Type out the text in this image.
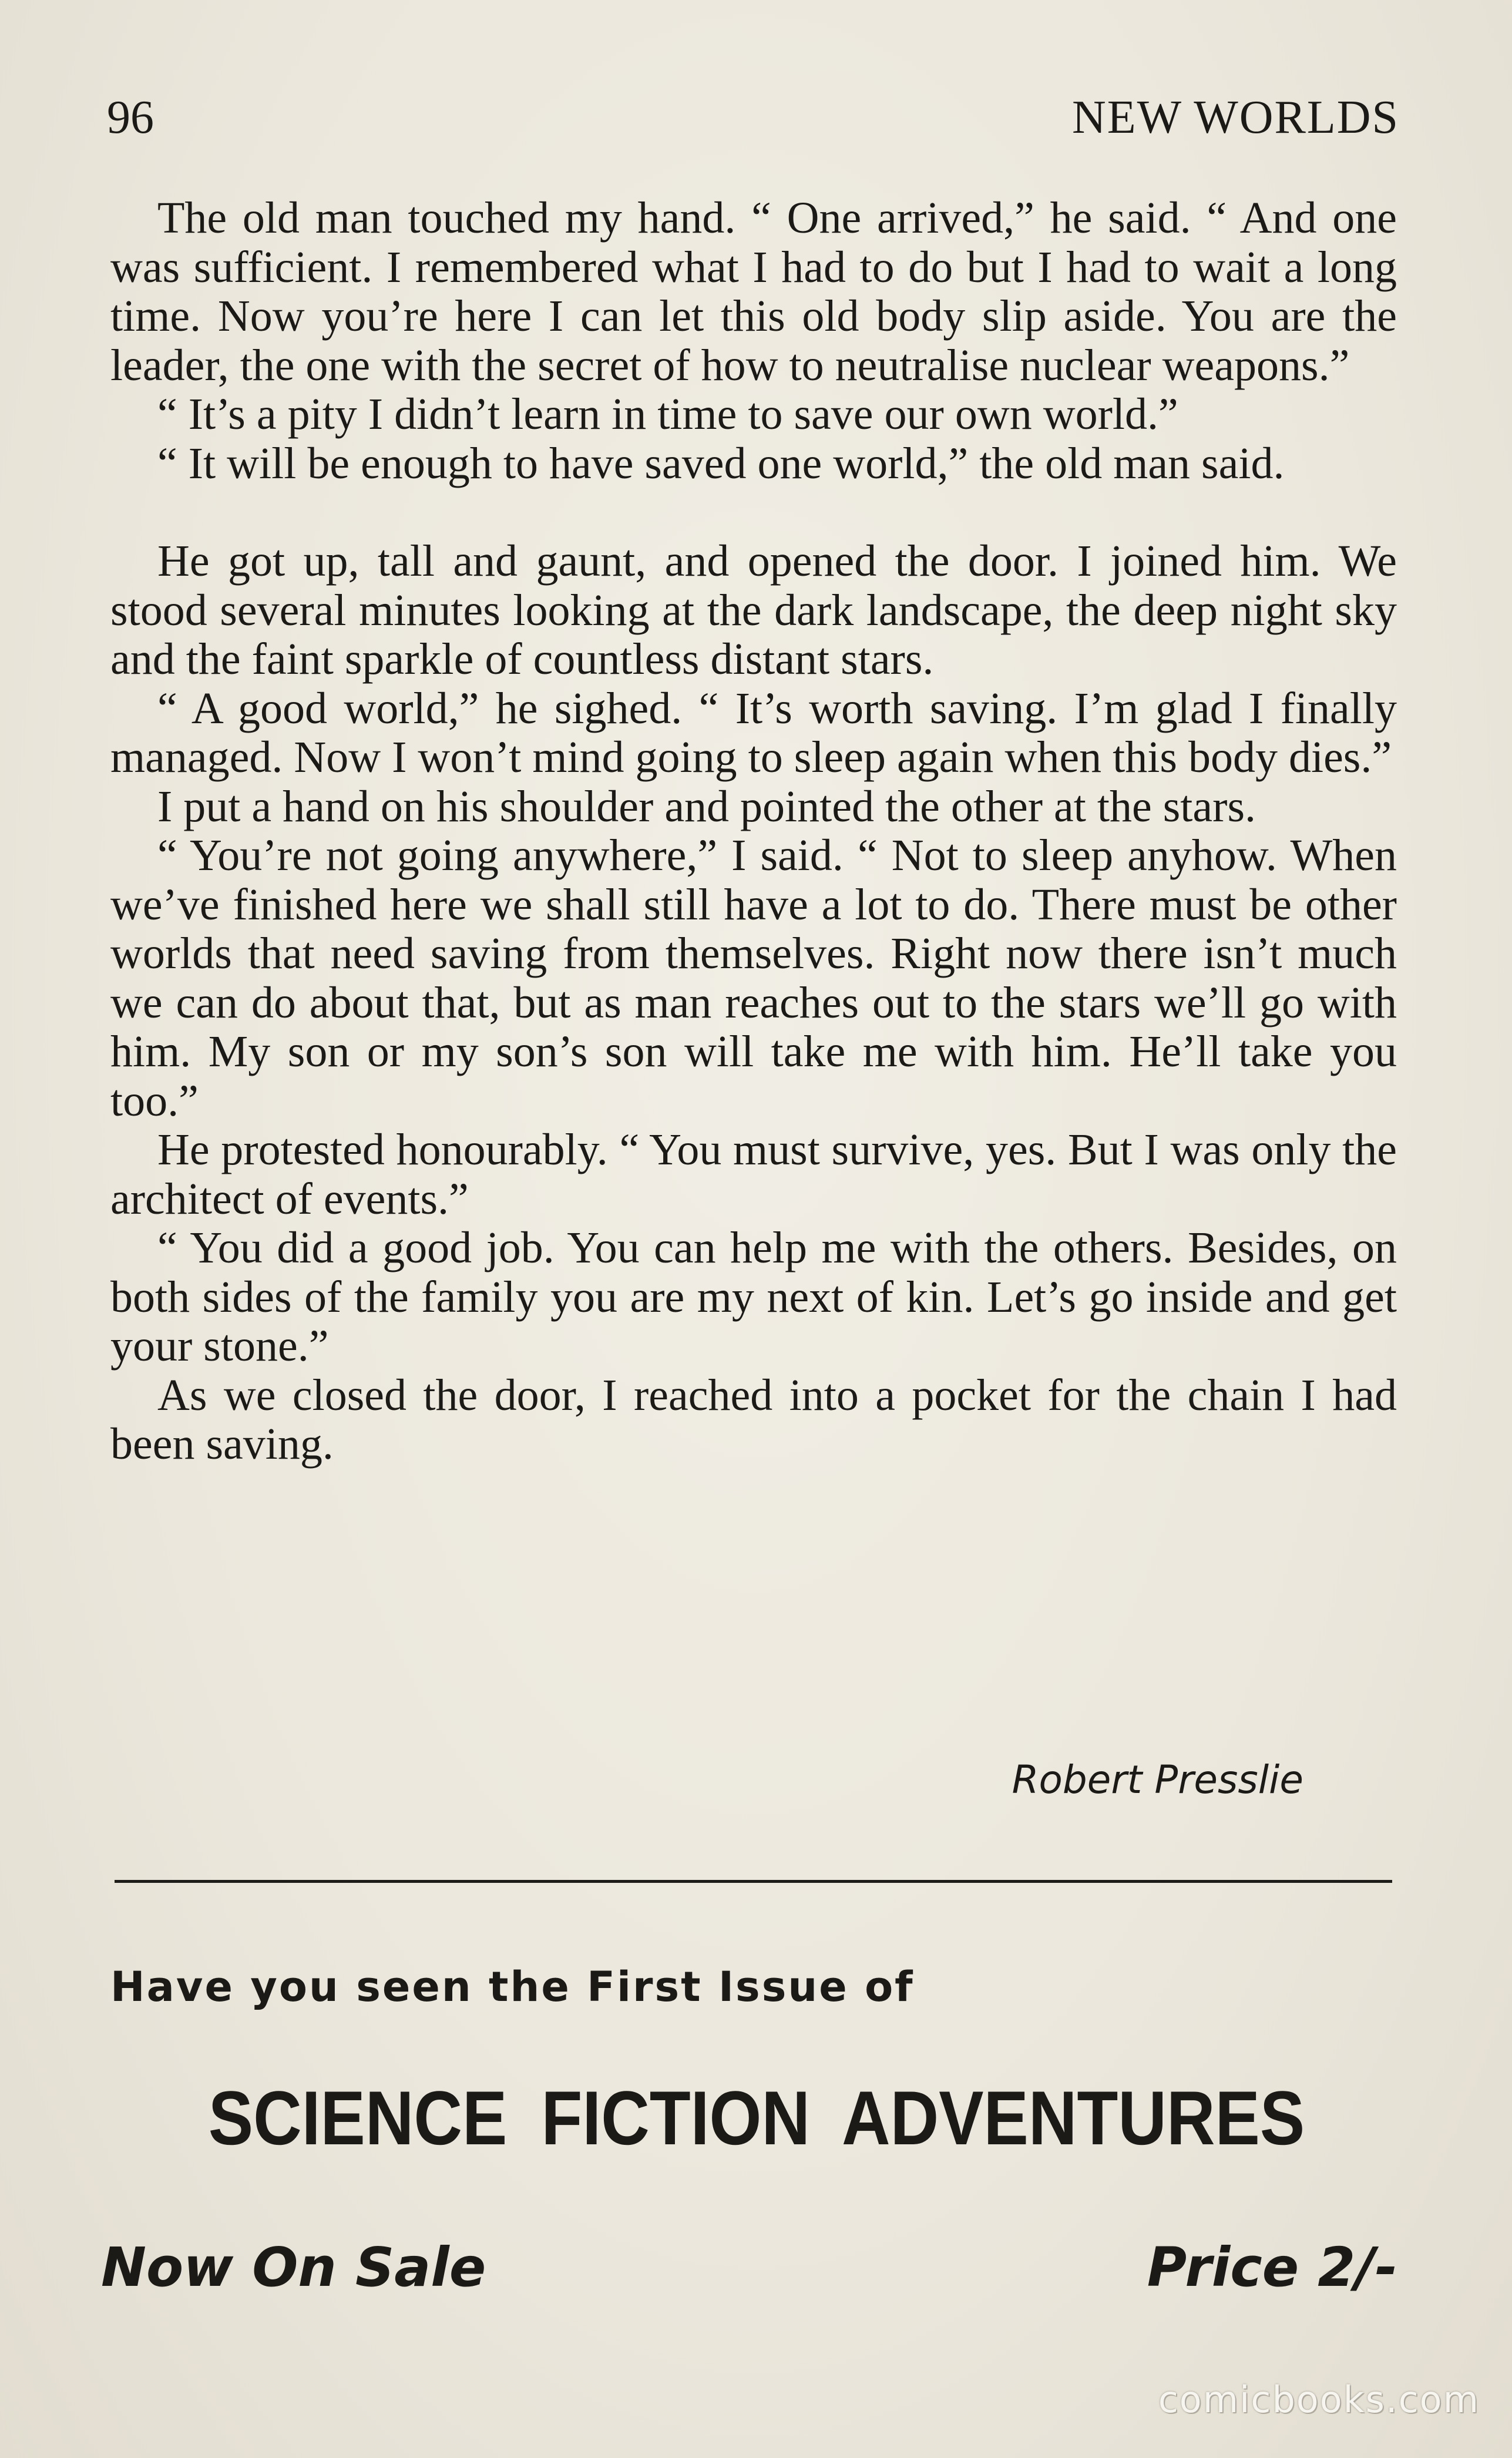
96	NEW WORLDS

The old man touched my hand. “ One arrived,” he said. “ And one was sufficient. I remembered what I had to do but I had to wait a long time. Now you’re here I can let this old body slip aside. You are the leader, the one with the secret of how to neutralise nuclear weapons.”

“ It’s a pity I didn’t learn in time to save our own world.”

“ It will be enough to have saved one world,” the old man said.

He got up, tall and gaunt, and opened the door. I joined him. We stood several minutes looking at the dark landscape, the deep night sky and the faint sparkle of countless distant stars.

“ A good world,” he sighed. “ It’s worth saving. I’m glad I finally managed. Now I won’t mind going to sleep again when this body dies.”

I put a hand on his shoulder and pointed the other at the stars.

“ You’re not going anywhere,” I said. “ Not to sleep anyhow. When we’ve finished here we shall still have a lot to do. There must be other worlds that need saving from themselves. Right now there isn’t much we can do about that, but as man reaches out to the stars we’ll go with him. My son or my son’s son will take me with him. He’ll take you too.”

He protested honourably. “ You must survive, yes. But I was only the architect of events.”

“ You did a good job. You can help me with the others. Besides, on both sides of the family you are my next of kin. Let’s go inside and get your stone.”

As we closed the door, I reached into a pocket for the chain I had been saving.

Robert Presslie
Have you seen the First Issue of
SCIENCE FICTION ADVENTURES
Now On Sale	Price 2/-
comicbooks.com
